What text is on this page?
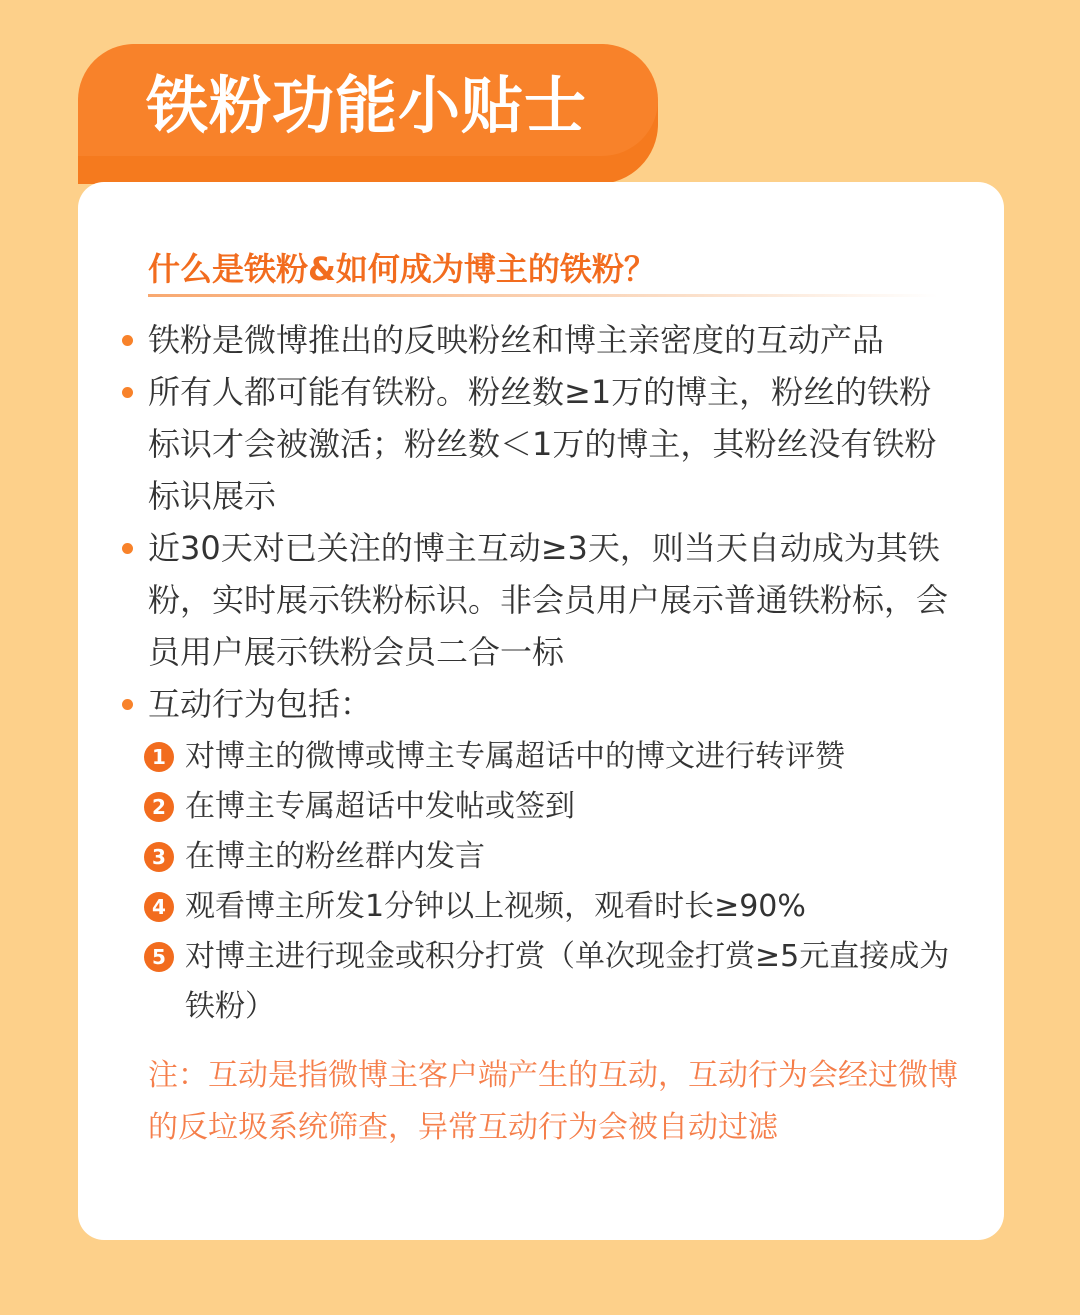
铁粉功能小贴士
什么是铁粉&如何成为博主的铁粉？
铁粉是微博推出的反映粉丝和博主亲密度的互动产品
所有人都可能有铁粉。粉丝数≥1万的博主，粉丝的铁粉标识才会被激活；粉丝数＜1万的博主，其粉丝没有铁粉标识展示
近30天对已关注的博主互动≥3天，则当天自动成为其铁粉，实时展示铁粉标识。非会员用户展示普通铁粉标，会员用户展示铁粉会员二合一标
互动行为包括：
1 对博主的微博或博主专属超话中的博文进行转评赞
2 在博主专属超话中发帖或签到
3 在博主的粉丝群内发言
4 观看博主所发1分钟以上视频，观看时长≥90%
5 对博主进行现金或积分打赏（单次现金打赏≥5元直接成为铁粉）
注：互动是指微博主客户端产生的互动，互动行为会经过微博的反垃圾系统筛查，异常互动行为会被自动过滤
